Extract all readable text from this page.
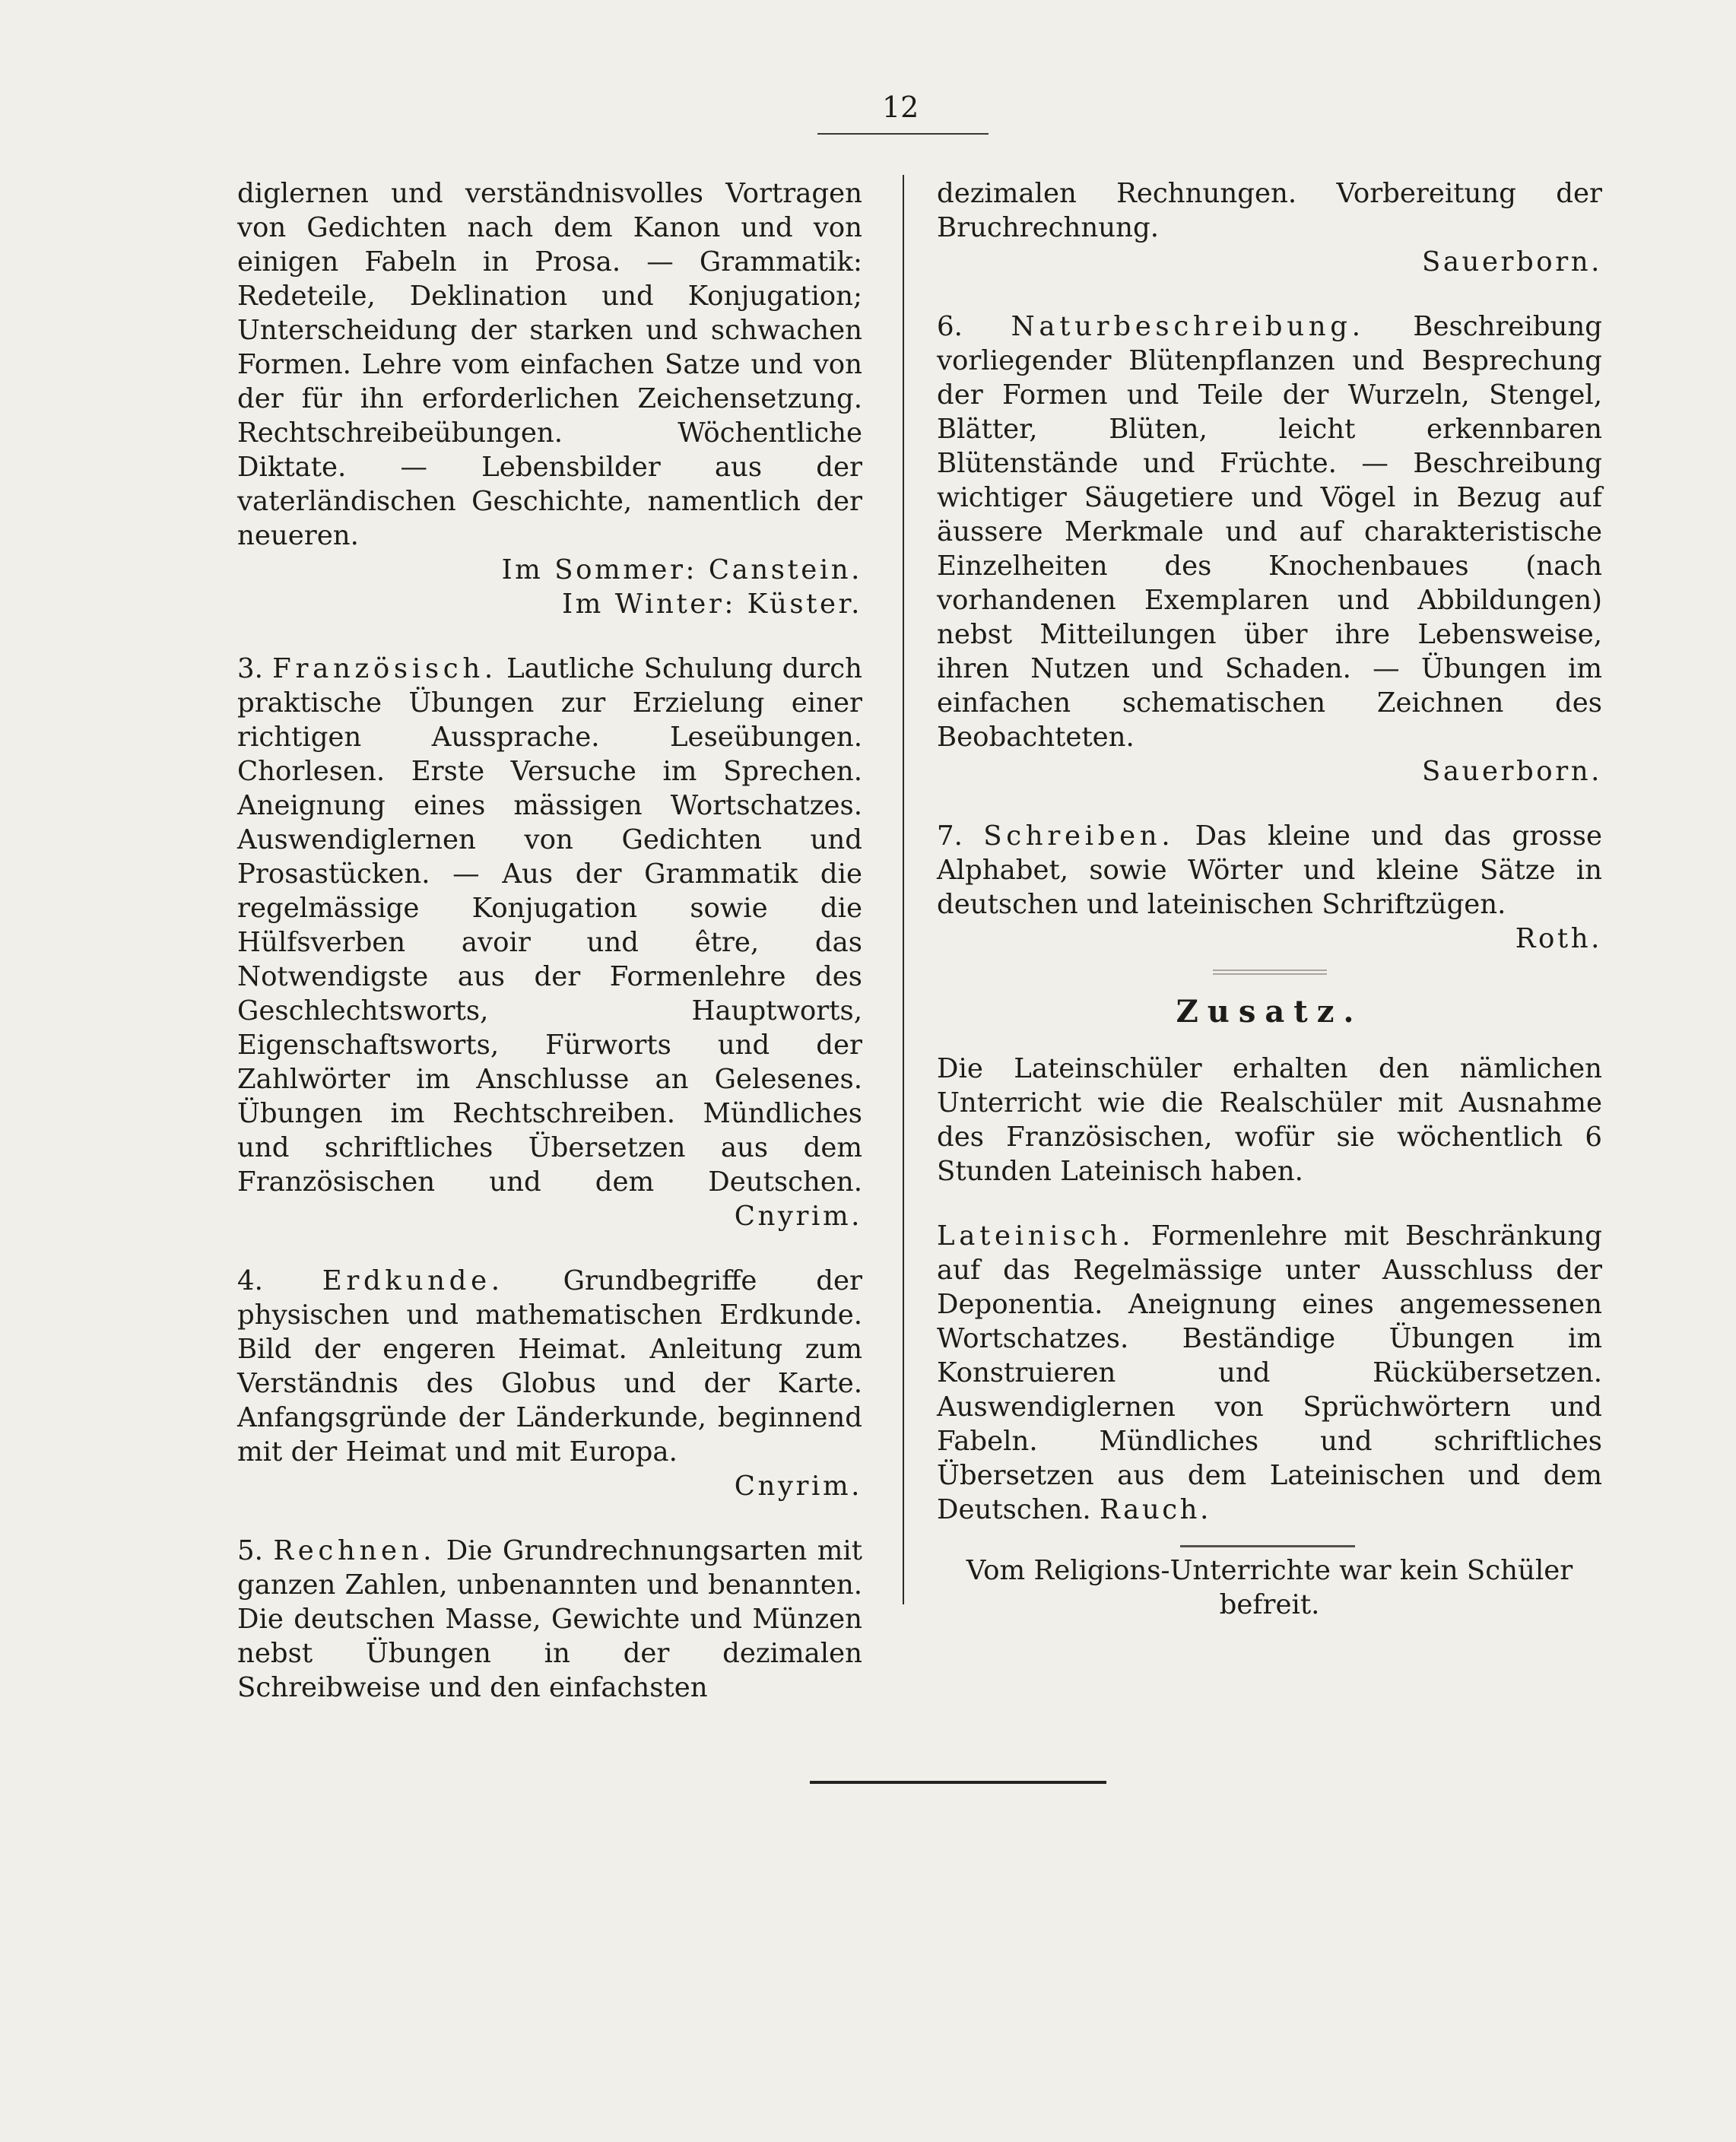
12

diglernen und verständnisvolles Vortragen von Gedichten nach dem Kanon und von einigen Fabeln in Prosa. — Grammatik: Redeteile, Deklination und Konjugation; Unterscheidung der starken und schwachen Formen. Lehre vom einfachen Satze und von der für ihn erforderlichen Zeichensetzung. Rechtschreibeübungen. Wöchentliche Diktate. — Lebensbilder aus der vaterländischen Geschichte, namentlich der neueren.

Im Sommer: Canstein.
Im Winter: Küster.

3. Französisch. Lautliche Schulung durch praktische Übungen zur Erzielung einer richtigen Aussprache. Leseübungen. Chorlesen. Erste Versuche im Sprechen. Aneignung eines mässigen Wortschatzes. Auswendiglernen von Gedichten und Prosastücken. — Aus der Grammatik die regelmässige Konjugation sowie die Hülfsverben avoir und être, das Notwendigste aus der Formenlehre des Geschlechtsworts, Hauptworts, Eigenschaftsworts, Fürworts und der Zahlwörter im Anschlusse an Gelesenes. Übungen im Rechtschreiben. Mündliches und schriftliches Übersetzen aus dem Französischen und dem Deutschen. Cnyrim.

4. Erdkunde. Grundbegriffe der physischen und mathematischen Erdkunde. Bild der engeren Heimat. Anleitung zum Verständnis des Globus und der Karte. Anfangsgründe der Länderkunde, beginnend mit der Heimat und mit Europa.

Cnyrim.

5. Rechnen. Die Grundrechnungsarten mit ganzen Zahlen, unbenannten und benannten. Die deutschen Masse, Gewichte und Münzen nebst Übungen in der dezimalen Schreibweise und den einfachsten

dezimalen Rechnungen. Vorbereitung der Bruchrechnung. Sauerborn.

6. Naturbeschreibung. Beschreibung vorliegender Blütenpflanzen und Besprechung der Formen und Teile der Wurzeln, Stengel, Blätter, Blüten, leicht erkennbaren Blütenstände und Früchte. — Beschreibung wichtiger Säugetiere und Vögel in Bezug auf äussere Merkmale und auf charakteristische Einzelheiten des Knochenbaues (nach vorhandenen Exemplaren und Abbildungen) nebst Mitteilungen über ihre Lebensweise, ihren Nutzen und Schaden. — Übungen im einfachen schematischen Zeichnen des Beobachteten.

Sauerborn.

7. Schreiben. Das kleine und das grosse Alphabet, sowie Wörter und kleine Sätze in deutschen und lateinischen Schriftzügen.

Roth.
Zusatz.

Die Lateinschüler erhalten den nämlichen Unterricht wie die Realschüler mit Ausnahme des Französischen, wofür sie wöchentlich 6 Stunden Lateinisch haben.

Lateinisch. Formenlehre mit Beschränkung auf das Regelmässige unter Ausschluss der Deponentia. Aneignung eines angemessenen Wortschatzes. Beständige Übungen im Konstruieren und Rückübersetzen. Auswendiglernen von Sprüchwörtern und Fabeln. Mündliches und schriftliches Übersetzen aus dem Lateinischen und dem Deutschen. Rauch.

Vom Religions-Unterrichte war kein Schüler befreit.
